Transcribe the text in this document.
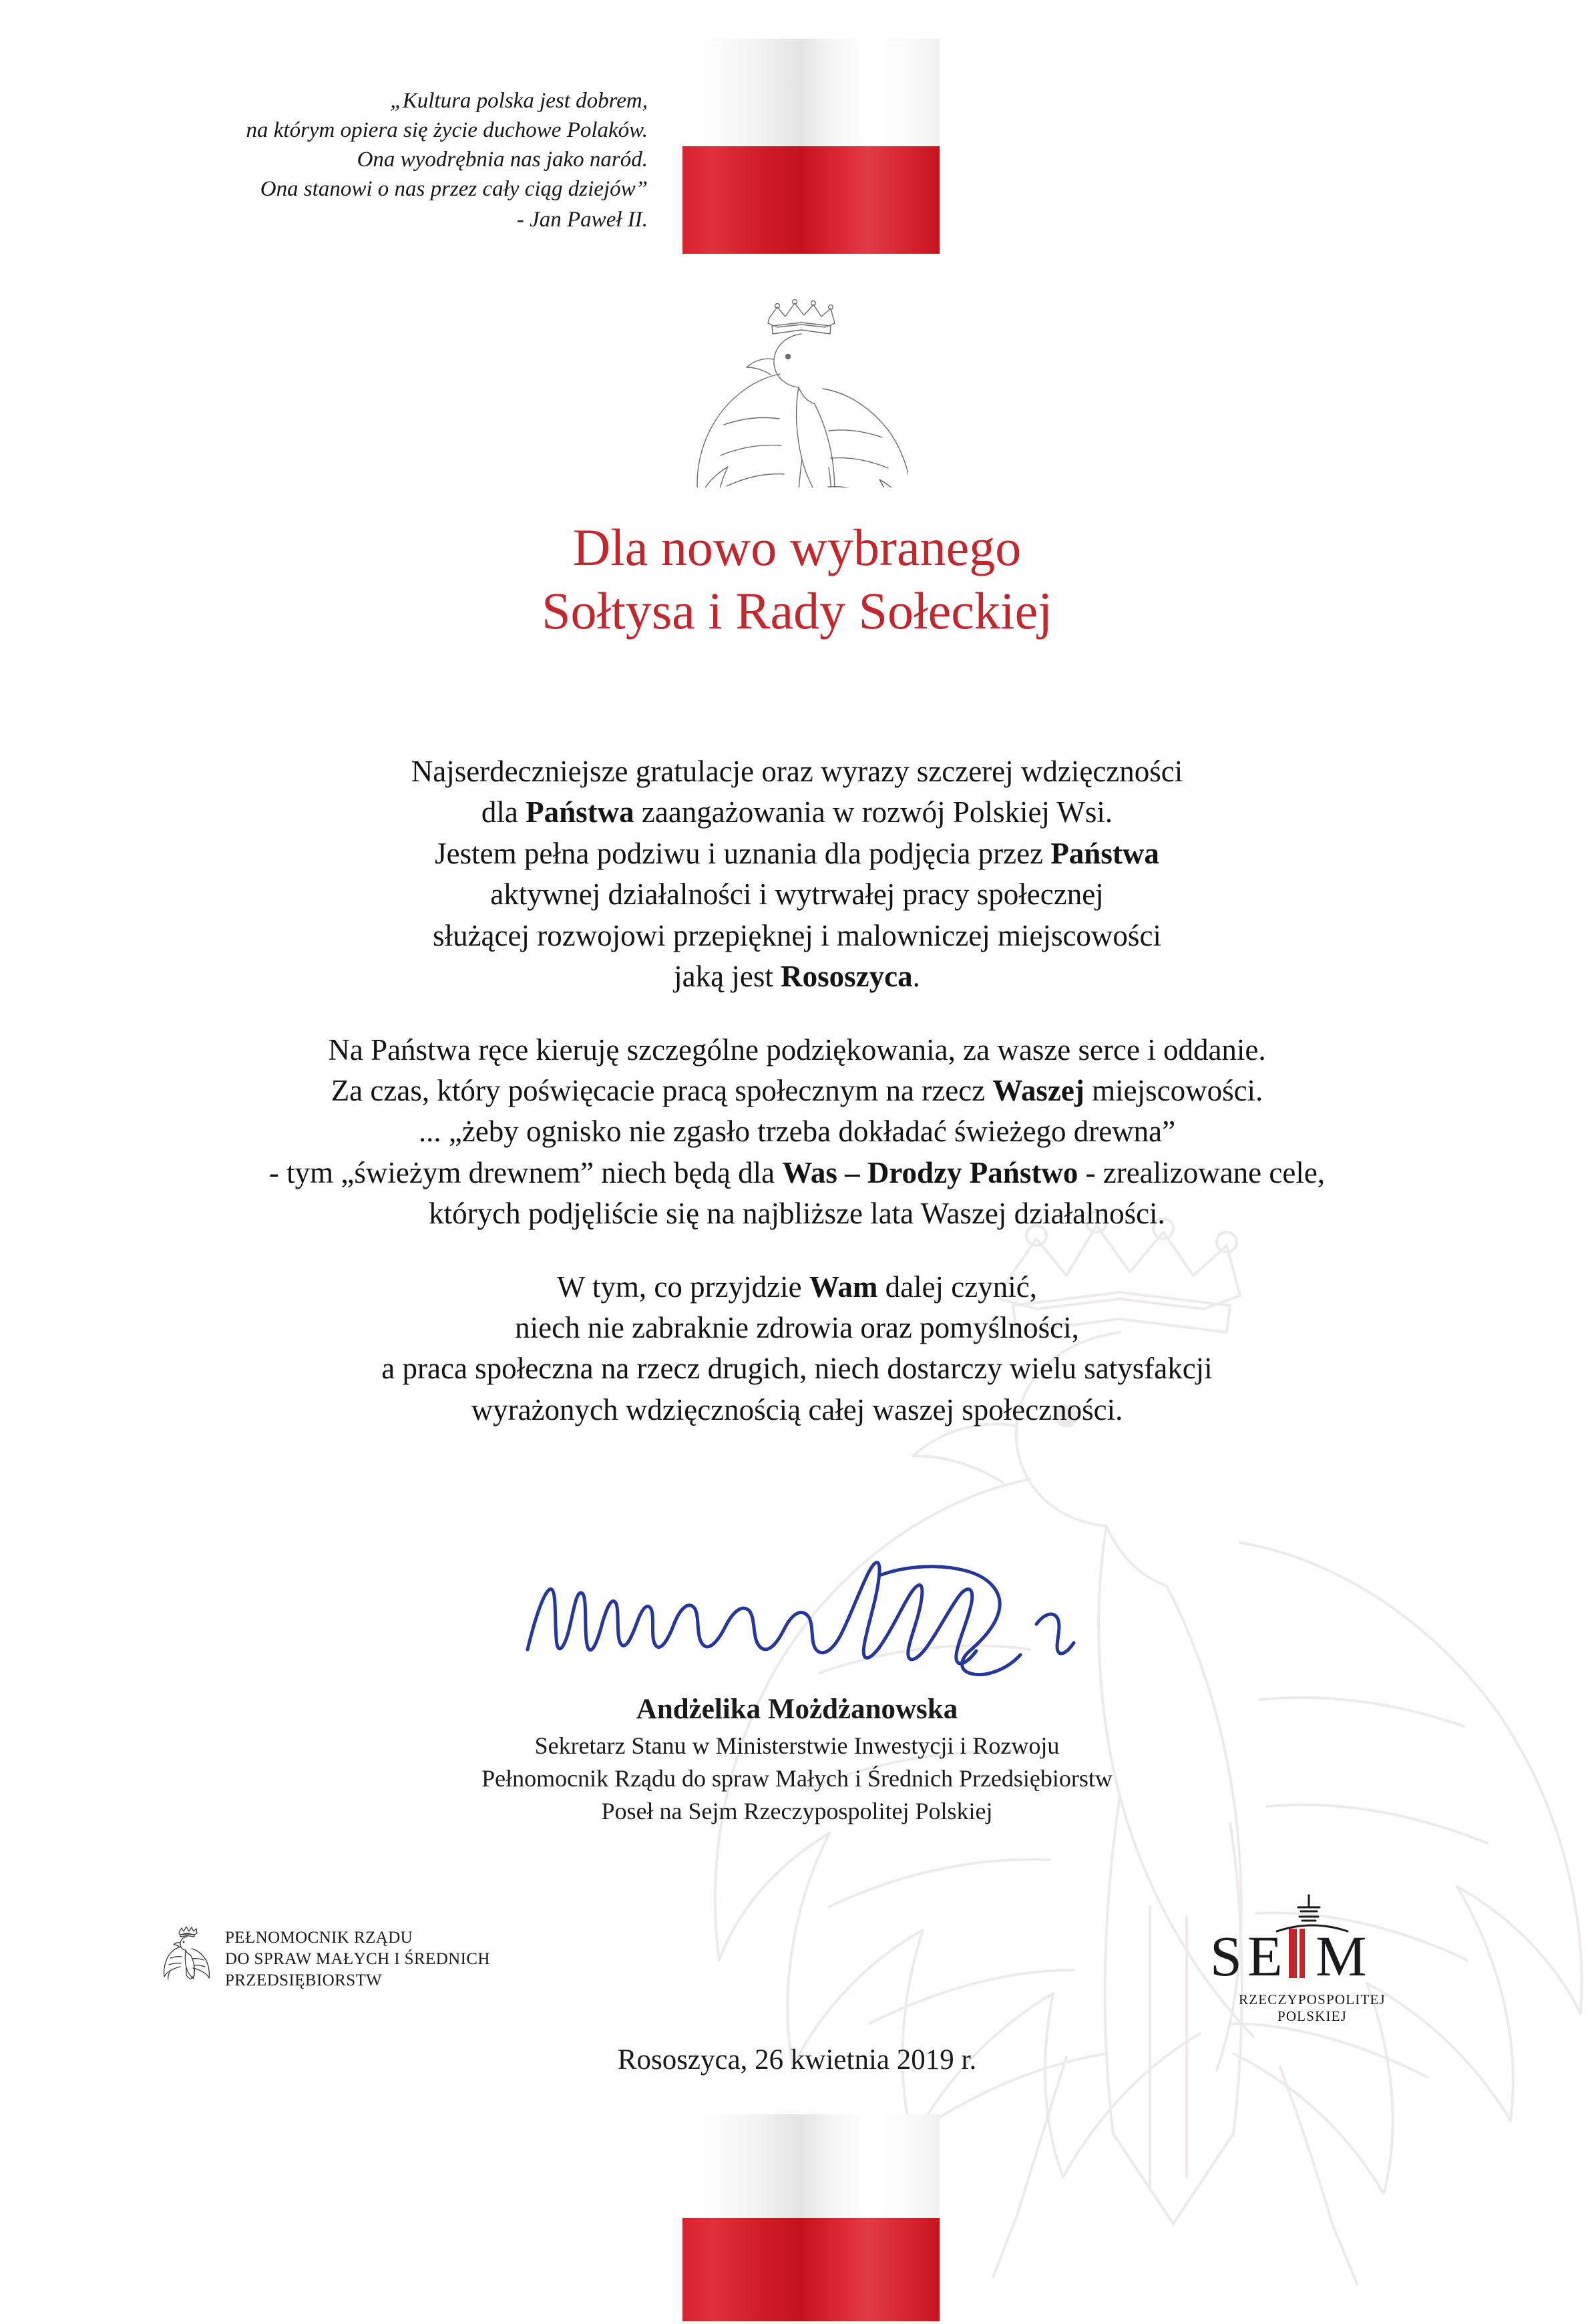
„Kultura polska jest dobrem,
na którym opiera się życie duchowe Polaków.
Ona wyodrębnia nas jako naród.
Ona stanowi o nas przez cały ciąg dziejów”
- Jan Paweł II.
Dla nowo wybranego
Sołtysa i Rady Sołeckiej
Najserdeczniejsze gratulacje oraz wyrazy szczerej wdzięczności
dla Państwa zaangażowania w rozwój Polskiej Wsi.
Jestem pełna podziwu i uznania dla podjęcia przez Państwa
aktywnej działalności i wytrwałej pracy społecznej
służącej rozwojowi przepięknej i malowniczej miejscowości
jaką jest Rososzyca.
Na Państwa ręce kieruję szczególne podziękowania, za wasze serce i oddanie.
Za czas, który poświęcacie pracą społecznym na rzecz Waszej miejscowości.
... „żeby ognisko nie zgasło trzeba dokładać świeżego drewna”
- tym „świeżym drewnem” niech będą dla Was – Drodzy Państwo - zrealizowane cele,
których podjęliście się na najbliższe lata Waszej działalności.
W tym, co przyjdzie Wam dalej czynić,
niech nie zabraknie zdrowia oraz pomyślności,
a praca społeczna na rzecz drugich, niech dostarczy wielu satysfakcji
wyrażonych wdzięcznością całej waszej społeczności.
Andżelika Możdżanowska
Sekretarz Stanu w Ministerstwie Inwestycji i Rozwoju
Pełnomocnik Rządu do spraw Małych i Średnich Przedsiębiorstw
Poseł na Sejm Rzeczypospolitej Polskiej
PEŁNOMOCNIK RZĄDU
DO SPRAW MAŁYCH I ŚREDNICH
PRZEDSIĘBIORSTW	S E M
RZECZYPOSPOLITEJ POLSKIEJ
Rososzyca, 26 kwietnia 2019 r.
